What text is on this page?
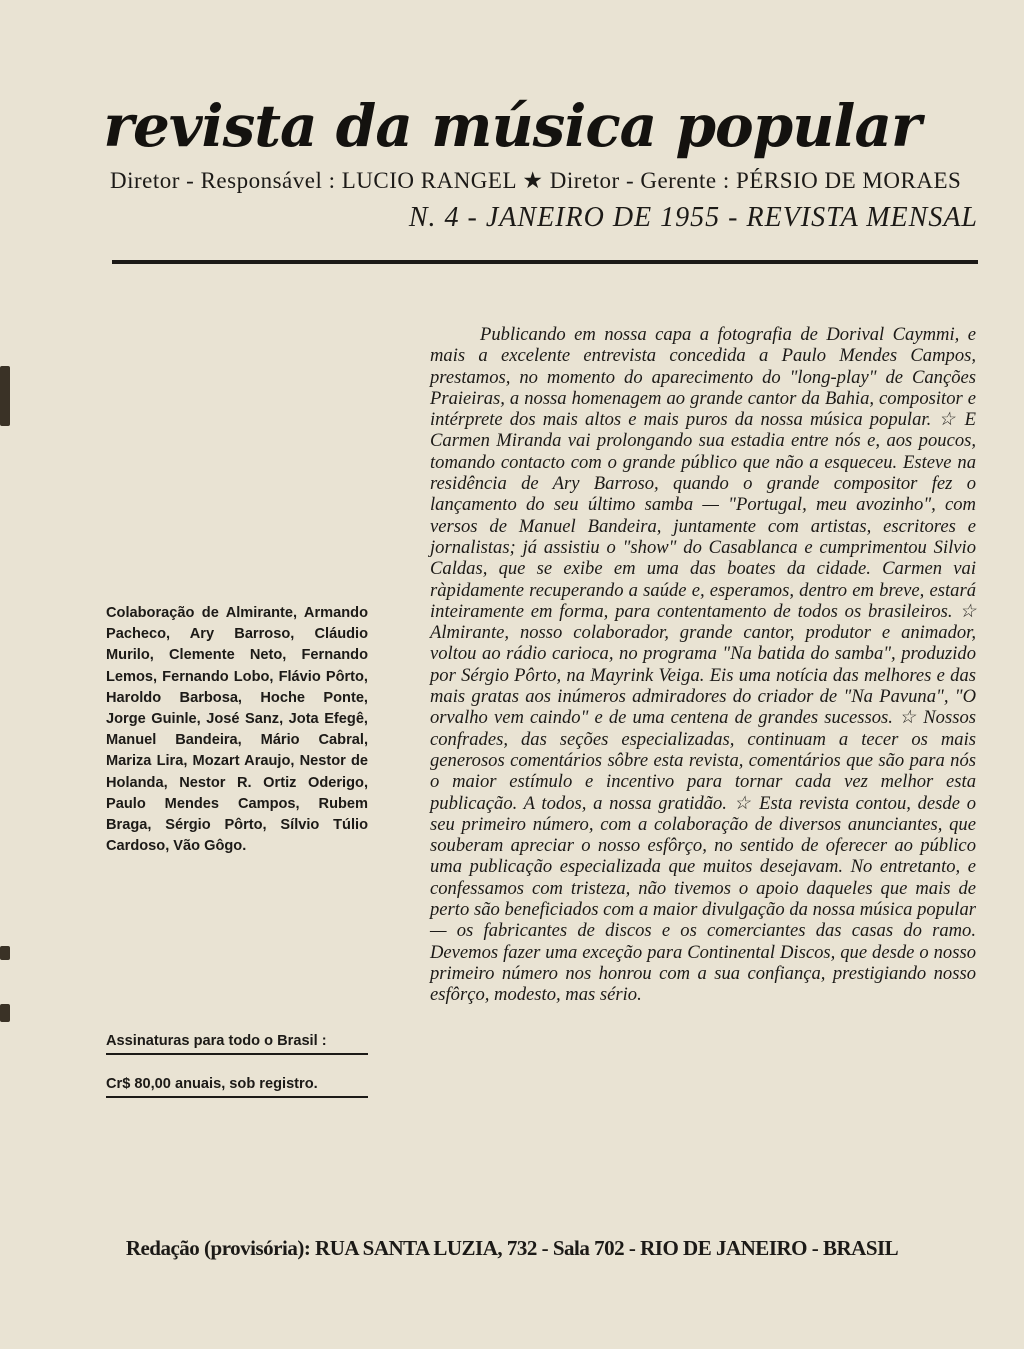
revista da música popular
Diretor - Responsável : LUCIO RANGEL ★ Diretor - Gerente : PÉRSIO DE MORAES
N. 4 - JANEIRO DE 1955 - REVISTA MENSAL
Colaboração de Almirante, Armando Pacheco, Ary Barroso, Cláudio Murilo, Clemente Neto, Fernando Lemos, Fernando Lobo, Flávio Pôrto, Haroldo Barbosa, Hoche Ponte, Jorge Guinle, José Sanz, Jota Efegê, Manuel Bandeira, Mário Cabral, Mariza Lira, Mozart Araujo, Nestor de Holanda, Nestor R. Ortiz Oderigo, Paulo Mendes Campos, Rubem Braga, Sérgio Pôrto, Sílvio Túlio Cardoso, Vão Gôgo.
Assinaturas para todo o Brasil :
Cr$ 80,00 anuais, sob registro.
Publicando em nossa capa a fotografia de Dorival Caymmi, e mais a excelente entrevista concedida a Paulo Mendes Campos, prestamos, no momento do aparecimento do "long-play" de Canções Praieiras, a nossa homenagem ao grande cantor da Bahia, compositor e intérprete dos mais altos e mais puros da nossa música popular. ☆ E Carmen Miranda vai prolongando sua estadia entre nós e, aos poucos, tomando contacto com o grande público que não a esqueceu. Esteve na residência de Ary Barroso, quando o grande compositor fez o lançamento do seu último samba — "Portugal, meu avozinho", com versos de Manuel Bandeira, juntamente com artistas, escritores e jornalistas; já assistiu o "show" do Casablanca e cumprimentou Silvio Caldas, que se exibe em uma das boates da cidade. Carmen vai ràpidamente recuperando a saúde e, esperamos, dentro em breve, estará inteiramente em forma, para contentamento de todos os brasileiros. ☆ Almirante, nosso colaborador, grande cantor, produtor e animador, voltou ao rádio carioca, no programa "Na batida do samba", produzido por Sérgio Pôrto, na Mayrink Veiga. Eis uma notícia das melhores e das mais gratas aos inúmeros admiradores do criador de "Na Pavuna", "O orvalho vem caindo" e de uma centena de grandes sucessos. ☆ Nossos confrades, das seções especializadas, continuam a tecer os mais generosos comentários sôbre esta revista, comentários que são para nós o maior estímulo e incentivo para tornar cada vez melhor esta publicação. A todos, a nossa gratidão. ☆ Esta revista contou, desde o seu primeiro número, com a colaboração de diversos anunciantes, que souberam apreciar o nosso esfôrço, no sentido de oferecer ao público uma publicação especializada que muitos desejavam. No entretanto, e confessamos com tristeza, não tivemos o apoio daqueles que mais de perto são beneficiados com a maior divulgação da nossa música popular — os fabricantes de discos e os comerciantes das casas do ramo. Devemos fazer uma exceção para Continental Discos, que desde o nosso primeiro número nos honrou com a sua confiança, prestigiando nosso esfôrço, modesto, mas sério.
Redação (provisória): RUA SANTA LUZIA, 732 - Sala 702 - RIO DE JANEIRO - BRASIL
